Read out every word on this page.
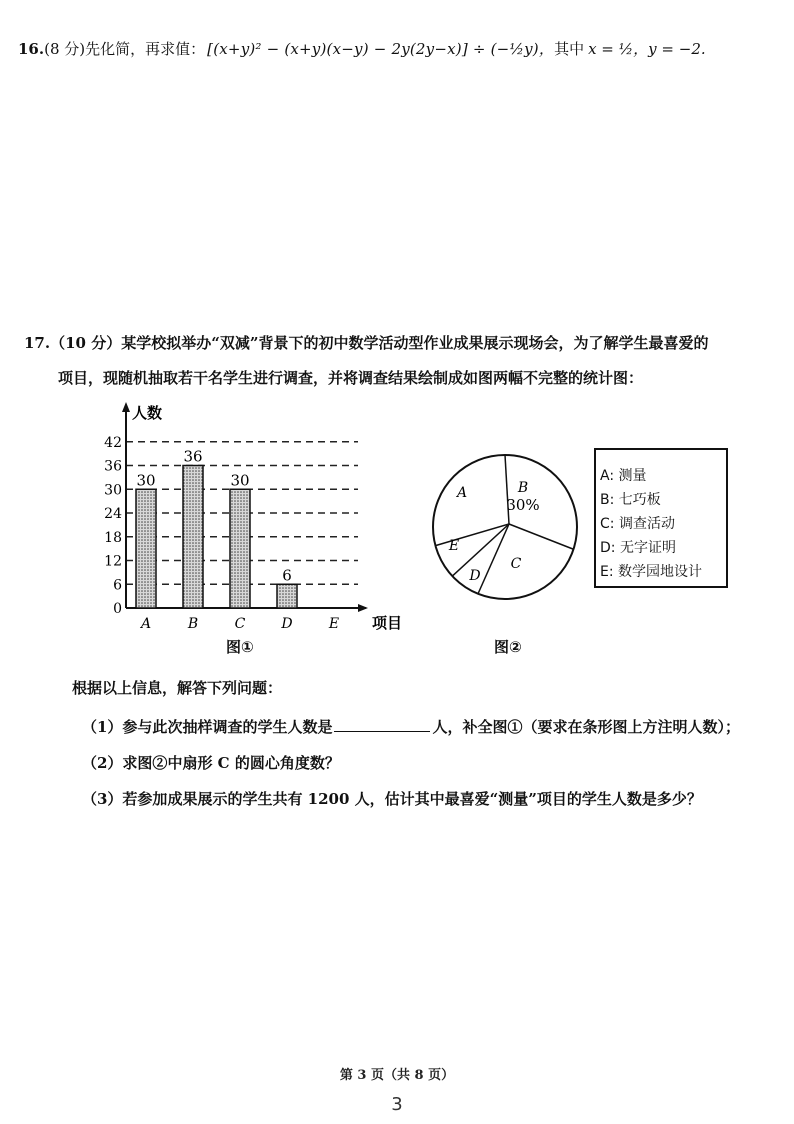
16. (8 分) 先化简，再求值： [(x+y)² − (x+y)(x−y) − 2y(2y−x)] ÷ (−½y)， 其中 x = ½，y = −2.
17.（10 分）某学校拟举办“双减”背景下的初中数学活动型作业成果展示现场会，为了解学生最喜爱的
项目，现随机抽取若干名学生进行调查，并将调查结果绘制成如图两幅不完整的统计图：
0
6
12
18
24
30
36
42
人数
项目
30
A
36
B
30
C
6
D	E
A	B
30%
C
D
E
A: 测量
B: 七巧板
C: 调查活动
D: 无字证明
E: 数学园地设计
图①	图②
根据以上信息，解答下列问题：
（1）参与此次抽样调查的学生人数是	人，补全图①（要求在条形图上方注明人数）；
（2）求图②中扇形 C 的圆心角度数？
（3）若参加成果展示的学生共有 1200 人，估计其中最喜爱“测量”项目的学生人数是多少？
第 3 页（共 8 页）
3
